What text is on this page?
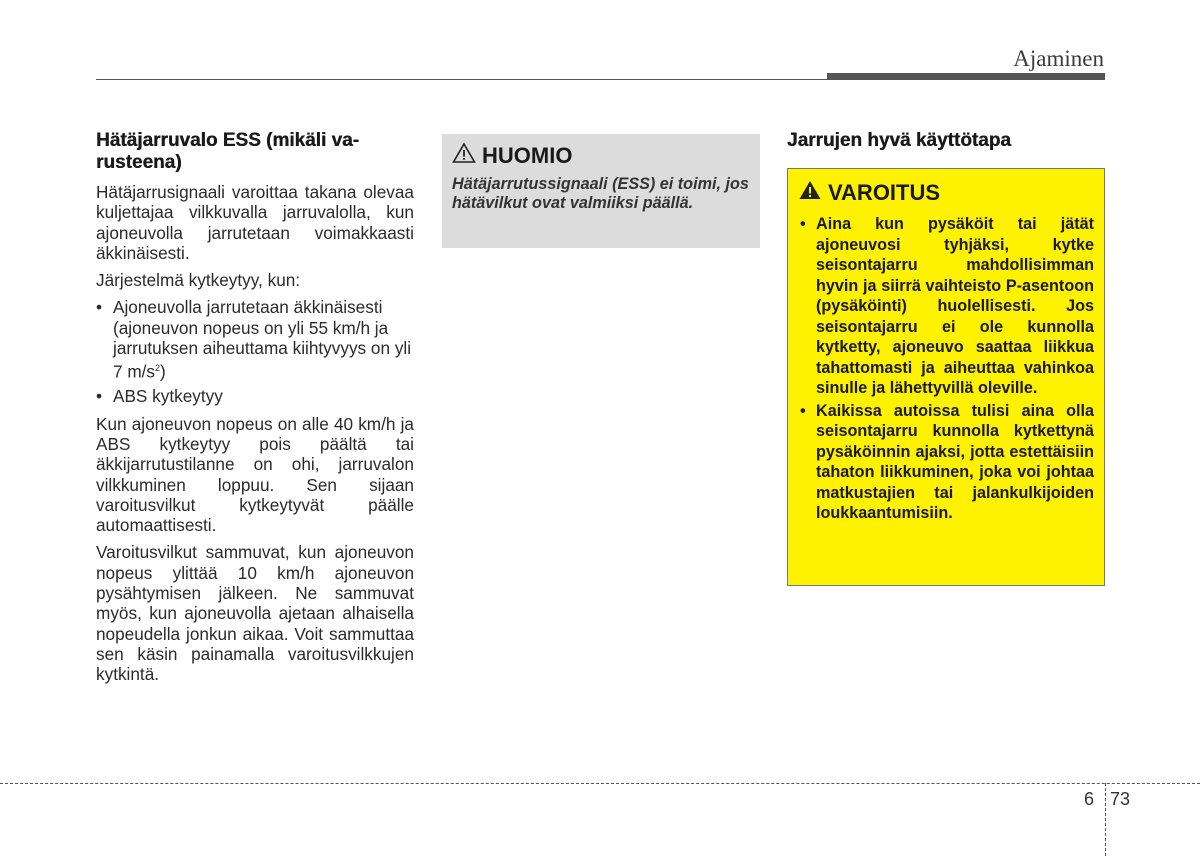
Ajaminen
Hätäjarruvalo ESS (mikäli va- rusteena)

Hätäjarrusignaali varoittaa takana olevaa kuljettajaa vilkkuvalla jarruvalolla, kun ajoneuvolla jarrutetaan voimakkaasti äkkinäisesti.

Järjestelmä kytkeytyy, kun:

• Ajoneuvolla jarrutetaan äkkinäisesti (ajoneuvon nopeus on yli 55 km/h ja jarrutuksen aiheuttama kiihtyvyys on yli 7 $m/s^2$)
• ABS kytkeytyy

Kun ajoneuvon nopeus on alle 40 km/h ja ABS kytkeytyy pois päältä tai äkkijarrutustilanne on ohi, jarruvalon vilkkuminen loppuu. Sen sijaan varoitusvilkut kytkeytyvät päälle automaattisesti.

Varoitusvilkut sammuvat, kun ajoneuvon nopeus ylittää 10 km/h ajoneuvon pysähtymisen jälkeen. Ne sammuvat myös, kun ajoneuvolla ajetaan alhaisella nopeudella jonkun aikaa. Voit sammuttaa sen käsin painamalla varoitusvilkkujen kytkintä.

HUOMIO
Hätäjarrutussignaali (ESS) ei toimi, jos hätävilkut ovat valmiiksi päällä.
Jarrujen hyvä käyttötapa
VAROITUS
• Aina kun pysäköit tai jätät ajoneuvosi tyhjäksi, kytke seisontajarru mahdollisimman hyvin ja siirrä vaihteisto P-asentoon (pysäköinti) huolellisesti. Jos seisontajarru ei ole kunnolla kytketty, ajoneuvo saattaa liikkua tahattomasti ja aiheuttaa vahinkoa sinulle ja lähettyvillä oleville.
• Kaikissa autoissa tulisi aina olla seisontajarru kunnolla kytkettynä pysäköinnin ajaksi, jotta estettäisiin tahaton liikkuminen, joka voi johtaa matkustajien tai jalankulkijoiden loukkaantumisiin.
6 73
